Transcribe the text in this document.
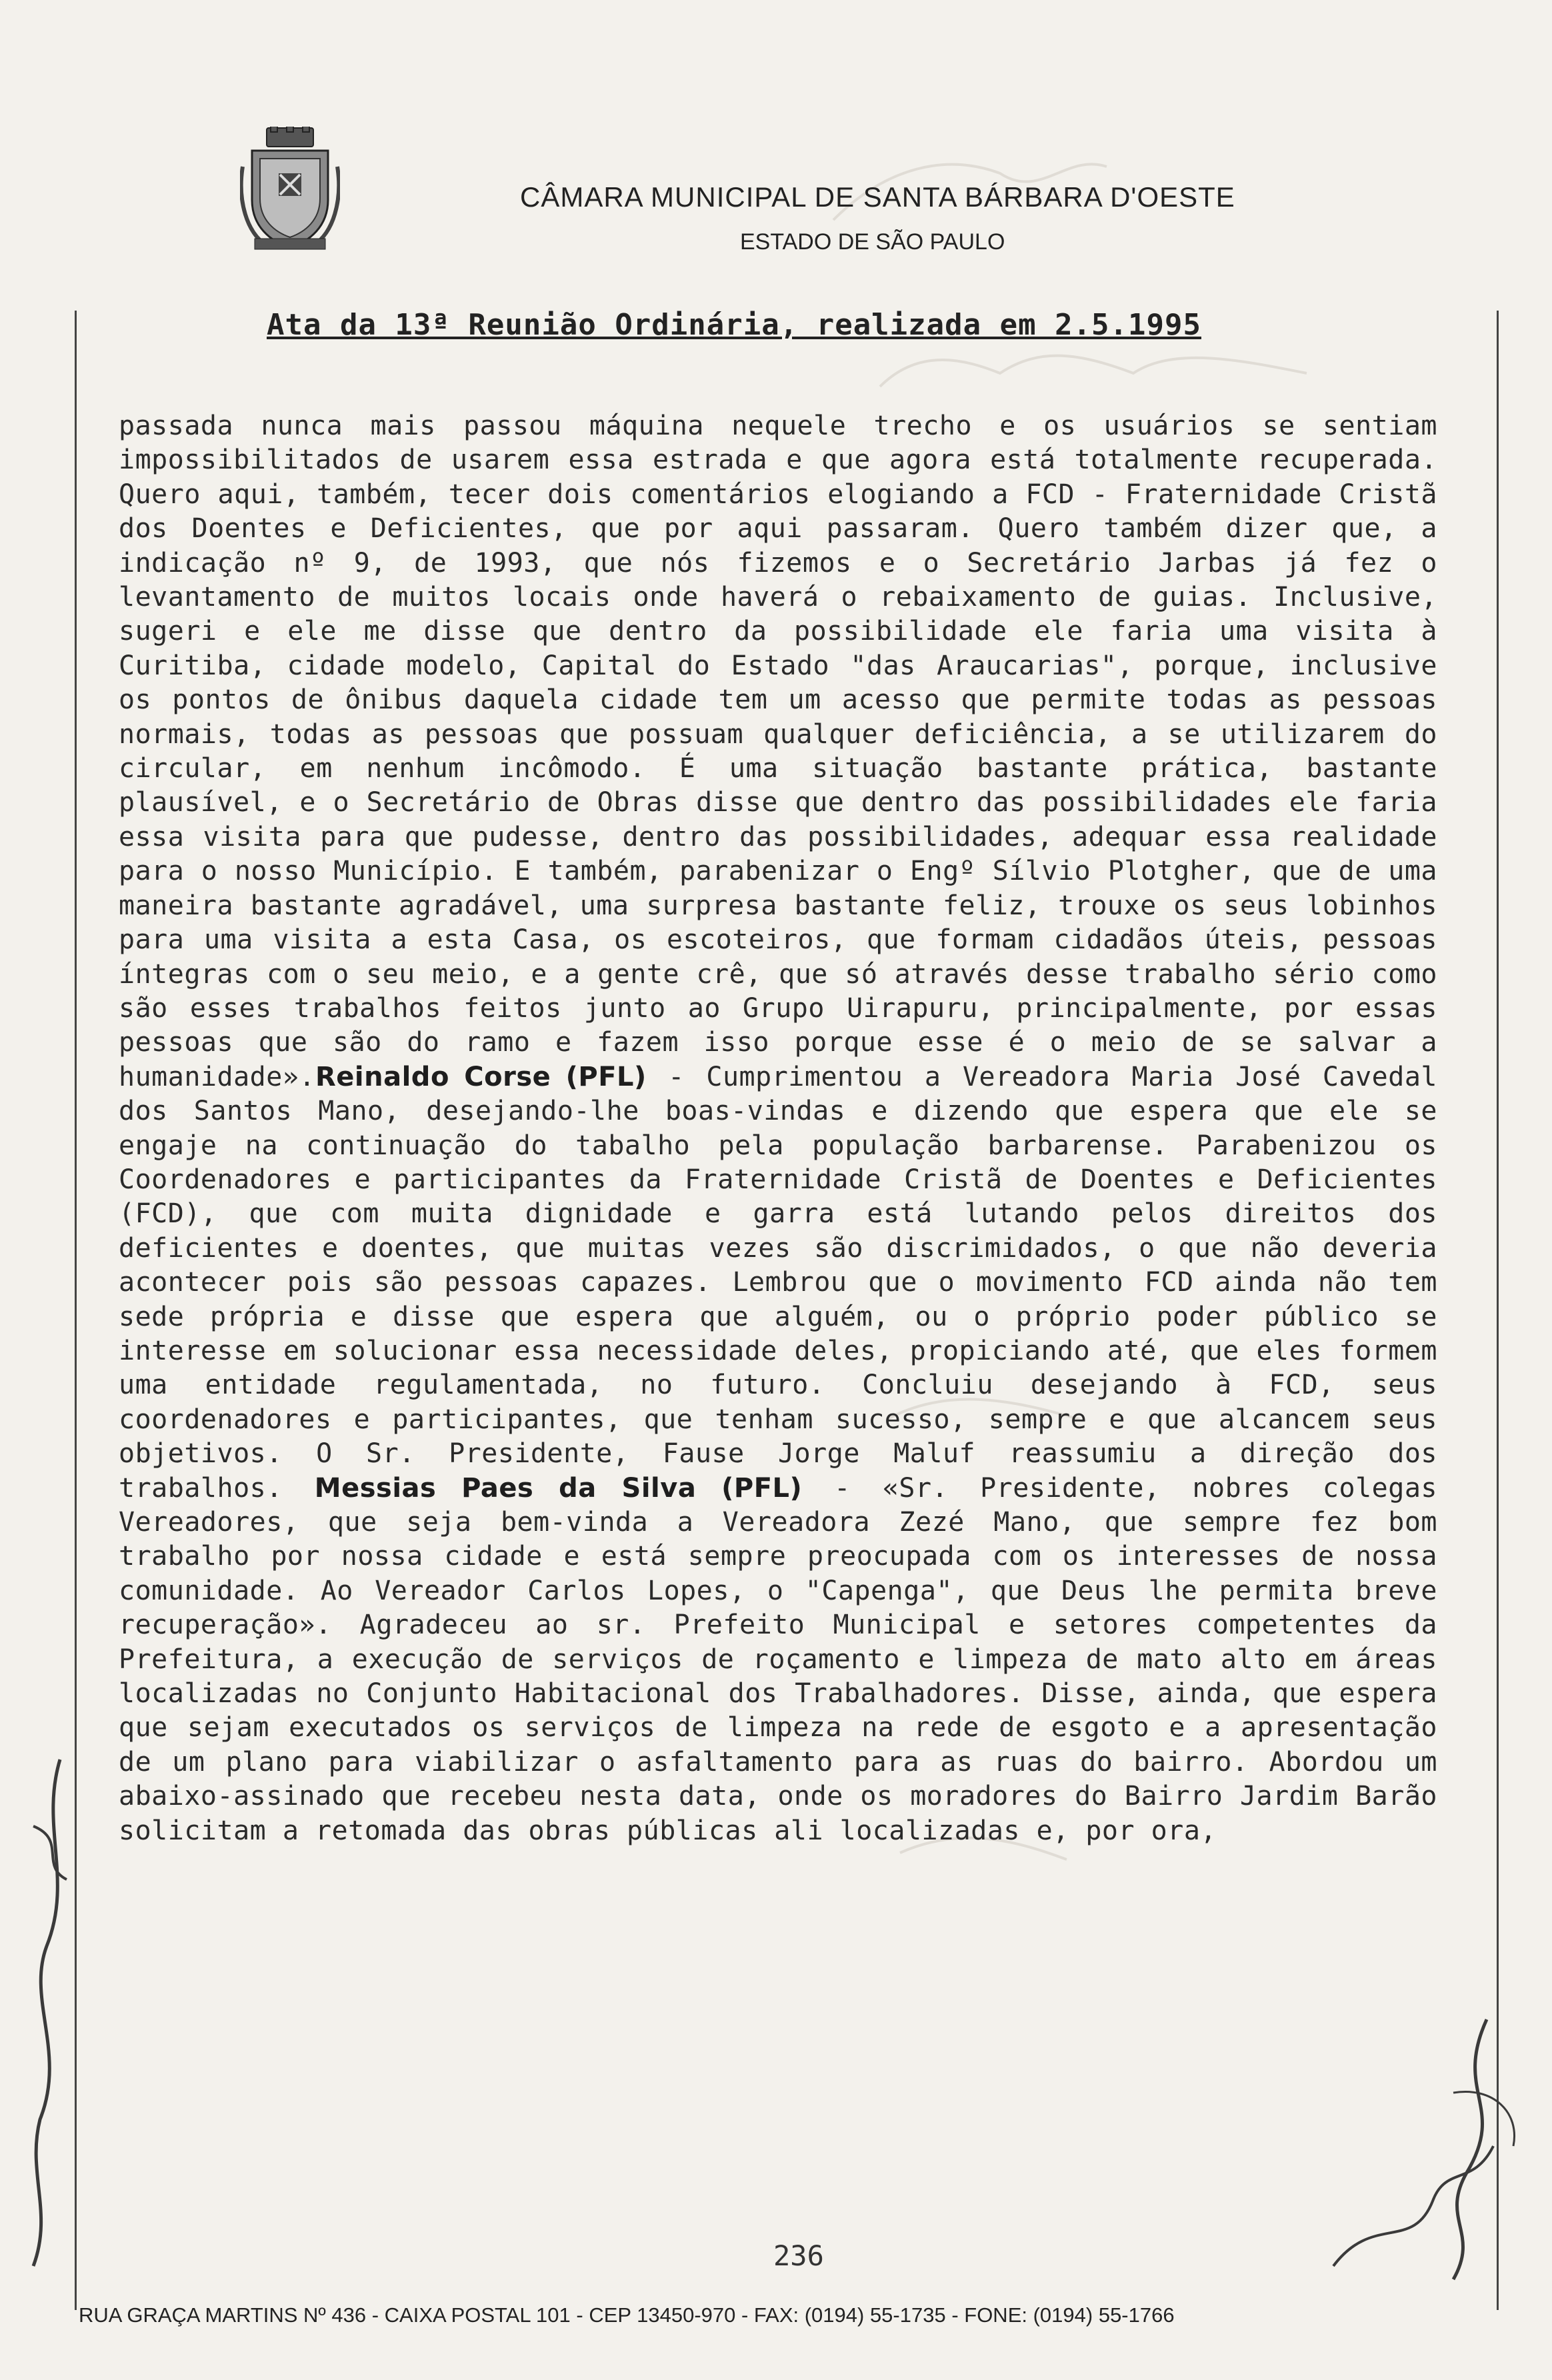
CÂMARA MUNICIPAL DE SANTA BÁRBARA D'OESTE
ESTADO DE SÃO PAULO
Ata da 13ª Reunião Ordinária, realizada em 2.5.1995

passada nunca mais passou máquina nequele trecho e os usuários se sentiam impossibilitados de usarem essa estrada e que agora está totalmente recuperada. Quero aqui, também, tecer dois comentários elogiando a FCD - Fraternidade Cristã dos Doentes e Deficientes, que por aqui passaram. Quero também dizer que, a indicação nº 9, de 1993, que nós fizemos e o Secretário Jarbas já fez o levantamento de muitos locais onde haverá o rebaixamento de guias. Inclusive, sugeri e ele me disse que dentro da possibilidade ele faria uma visita à Curitiba, cidade modelo, Capital do Estado "das Araucarias", porque, inclusive os pontos de ônibus daquela cidade tem um acesso que permite todas as pessoas normais, todas as pessoas que possuam qualquer deficiência, a se utilizarem do circular, em nenhum incômodo. É uma situação bastante prática, bastante plausível, e o Secretário de Obras disse que dentro das possibilidades ele faria essa visita para que pudesse, dentro das possibilidades, adequar essa realidade para o nosso Município. E também, parabenizar o Engº Sílvio Plotgher, que de uma maneira bastante agradável, uma surpresa bastante feliz, trouxe os seus lobinhos para uma visita a esta Casa, os escoteiros, que formam cidadãos úteis, pessoas íntegras com o seu meio, e a gente crê, que só através desse trabalho sério como são esses trabalhos feitos junto ao Grupo Uirapuru, principalmente, por essas pessoas que são do ramo e fazem isso porque esse é o meio de se salvar a humanidade».Reinaldo Corse (PFL) - Cumprimentou a Vereadora Maria José Cavedal dos Santos Mano, desejando-lhe boas-vindas e dizendo que espera que ele se engaje na continuação do tabalho pela população barbarense. Parabenizou os Coordenadores e participantes da Fraternidade Cristã de Doentes e Deficientes (FCD), que com muita dignidade e garra está lutando pelos direitos dos deficientes e doentes, que muitas vezes são discrimidados, o que não deveria acontecer pois são pessoas capazes. Lembrou que o movimento FCD ainda não tem sede própria e disse que espera que alguém, ou o próprio poder público se interesse em solucionar essa necessidade deles, propiciando até, que eles formem uma entidade regulamentada, no futuro. Concluiu desejando à FCD, seus coordenadores e participantes, que tenham sucesso, sempre e que alcancem seus objetivos. O Sr. Presidente, Fause Jorge Maluf reassumiu a direção dos trabalhos. Messias Paes da Silva (PFL) - «Sr. Presidente, nobres colegas Vereadores, que seja bem-vinda a Vereadora Zezé Mano, que sempre fez bom trabalho por nossa cidade e está sempre preocupada com os interesses de nossa comunidade. Ao Vereador Carlos Lopes, o "Capenga", que Deus lhe permita breve recuperação». Agradeceu ao sr. Prefeito Municipal e setores competentes da Prefeitura, a execução de serviços de roçamento e limpeza de mato alto em áreas localizadas no Conjunto Habitacional dos Trabalhadores. Disse, ainda, que espera que sejam executados os serviços de limpeza na rede de esgoto e a apresentação de um plano para viabilizar o asfaltamento para as ruas do bairro. Abordou um abaixo-assinado que recebeu nesta data, onde os moradores do Bairro Jardim Barão solicitam a retomada das obras públicas ali localizadas e, por ora,

236
RUA GRAÇA MARTINS Nº 436 - CAIXA POSTAL 101 - CEP 13450-970 - FAX: (0194) 55-1735 - FONE: (0194) 55-1766
